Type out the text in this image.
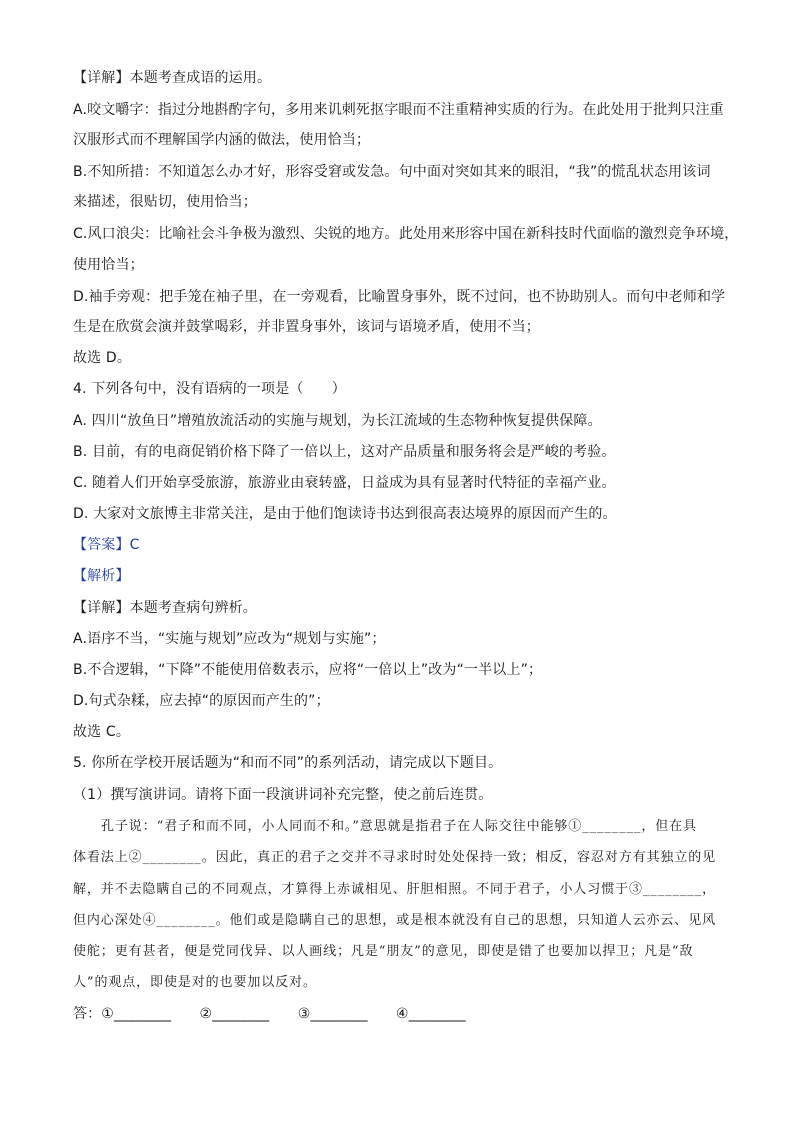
【详解】本题考查成语的运用。
A.咬文嚼字：指过分地斟酌字句，多用来讥刺死抠字眼而不注重精神实质的行为。在此处用于批判只注重
汉服形式而不理解国学内涵的做法，使用恰当；
B.不知所措：不知道怎么办才好，形容受窘或发急。句中面对突如其来的眼泪，“我”的慌乱状态用该词
来描述，很贴切，使用恰当；
C.风口浪尖：比喻社会斗争极为激烈、尖锐的地方。此处用来形容中国在新科技时代面临的激烈竞争环境，
使用恰当；
D.袖手旁观：把手笼在袖子里，在一旁观看，比喻置身事外，既不过问，也不协助别人。而句中老师和学
生是在欣赏会演并鼓掌喝彩，并非置身事外，该词与语境矛盾，使用不当；
故选 D。
4. 下列各句中，没有语病的一项是（　　）
A. 四川“放鱼日”增殖放流活动的实施与规划，为长江流域的生态物种恢复提供保障。
B. 目前，有的电商促销价格下降了一倍以上，这对产品质量和服务将会是严峻的考验。
C. 随着人们开始享受旅游，旅游业由衰转盛，日益成为具有显著时代特征的幸福产业。
D. 大家对文旅博主非常关注，是由于他们饱读诗书达到很高表达境界的原因而产生的。
【答案】C
【解析】
【详解】本题考查病句辨析。
A.语序不当，“实施与规划”应改为“规划与实施”；
B.不合逻辑，“下降”不能使用倍数表示，应将“一倍以上”改为“一半以上”；
D.句式杂糅，应去掉“的原因而产生的”；
故选 C。
5. 你所在学校开展话题为“和而不同”的系列活动，请完成以下题目。
（1）撰写演讲词。请将下面一段演讲词补充完整，使之前后连贯。
孔子说：“君子和而不同，小人同而不和。”意思就是指君子在人际交往中能够①________，但在具
体看法上②________。因此，真正的君子之交并不寻求时时处处保持一致；相反，容忍对方有其独立的见
解，并不去隐瞒自己的不同观点，才算得上赤诚相见、肝胆相照。不同于君子，小人习惯于③________，
但内心深处④________。他们或是隐瞒自己的思想，或是根本就没有自己的思想，只知道人云亦云、见风
使舵；更有甚者，便是党同伐异、以人画线；凡是“朋友”的意见，即使是错了也要加以捍卫；凡是“敌
人”的观点，即使是对的也要加以反对。
答：①________　　②________　　③________　　④________
